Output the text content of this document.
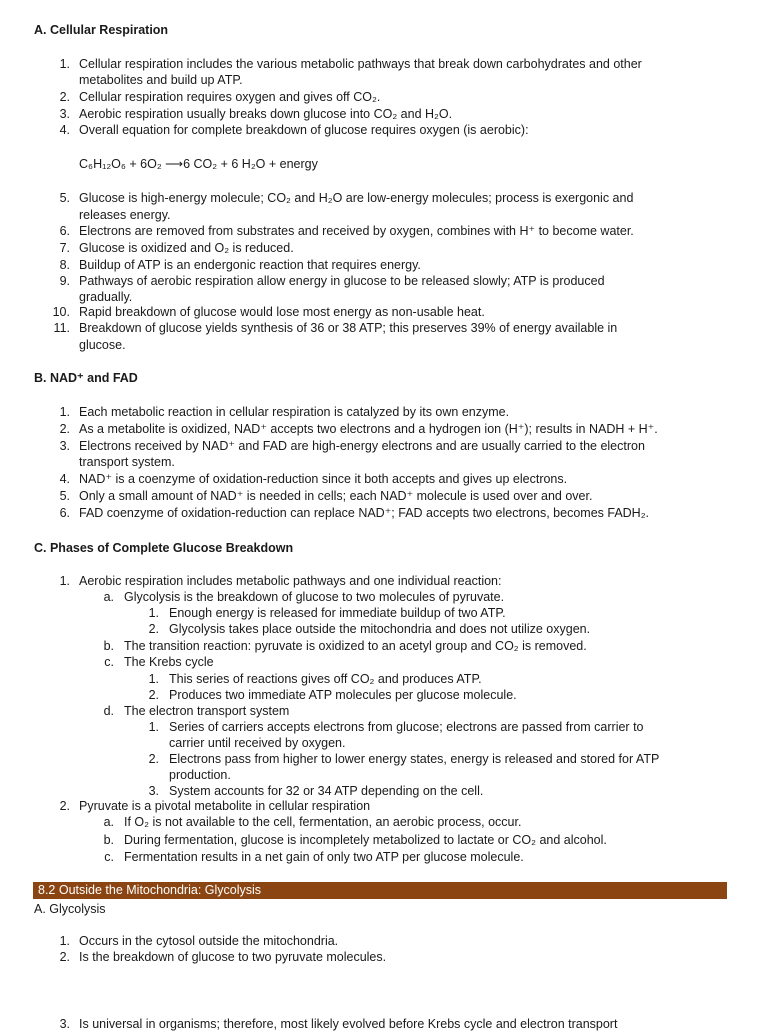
A. Cellular Respiration
1. Cellular respiration includes the various metabolic pathways that break down carbohydrates and other
metabolites and build up ATP.
2. Cellular respiration requires oxygen and gives off CO₂.
3. Aerobic respiration usually breaks down glucose into CO₂ and H₂O.
4. Overall equation for complete breakdown of glucose requires oxygen (is aerobic):
C₆H₁₂O₆ + 6O₂ ⟶6 CO₂ + 6 H₂O + energy
5. Glucose is high-energy molecule; CO₂ and H₂O are low-energy molecules; process is exergonic and
releases energy.
6. Electrons are removed from substrates and received by oxygen, combines with H⁺ to become water.
7. Glucose is oxidized and O₂ is reduced.
8. Buildup of ATP is an endergonic reaction that requires energy.
9. Pathways of aerobic respiration allow energy in glucose to be released slowly; ATP is produced
gradually.
10. Rapid breakdown of glucose would lose most energy as non-usable heat.
11. Breakdown of glucose yields synthesis of 36 or 38 ATP; this preserves 39% of energy available in
glucose.
B. NAD⁺ and FAD
1. Each metabolic reaction in cellular respiration is catalyzed by its own enzyme.
2. As a metabolite is oxidized, NAD⁺ accepts two electrons and a hydrogen ion (H⁺); results in NADH + H⁺.
3. Electrons received by NAD⁺ and FAD are high-energy electrons and are usually carried to the electron
transport system.
4. NAD⁺ is a coenzyme of oxidation-reduction since it both accepts and gives up electrons.
5. Only a small amount of NAD⁺ is needed in cells; each NAD⁺ molecule is used over and over.
6. FAD coenzyme of oxidation-reduction can replace NAD⁺; FAD accepts two electrons, becomes FADH₂.
C. Phases of Complete Glucose Breakdown
1. Aerobic respiration includes metabolic pathways and one individual reaction:
a. Glycolysis is the breakdown of glucose to two molecules of pyruvate.
1. Enough energy is released for immediate buildup of two ATP.
2. Glycolysis takes place outside the mitochondria and does not utilize oxygen.
b. The transition reaction: pyruvate is oxidized to an acetyl group and CO₂ is removed.
c. The Krebs cycle
1. This series of reactions gives off CO₂ and produces ATP.
2. Produces two immediate ATP molecules per glucose molecule.
d. The electron transport system
1. Series of carriers accepts electrons from glucose; electrons are passed from carrier to
carrier until received by oxygen.
2. Electrons pass from higher to lower energy states, energy is released and stored for ATP
production.
3. System accounts for 32 or 34 ATP depending on the cell.
2. Pyruvate is a pivotal metabolite in cellular respiration
a. If O₂ is not available to the cell, fermentation, an aerobic process, occur.
b. During fermentation, glucose is incompletely metabolized to lactate or CO₂ and alcohol.
c. Fermentation results in a net gain of only two ATP per glucose molecule.
8.2 Outside the Mitochondria: Glycolysis
A. Glycolysis
1. Occurs in the cytosol outside the mitochondria.
2. Is the breakdown of glucose to two pyruvate molecules.
3. Is universal in organisms; therefore, most likely evolved before Krebs cycle and electron transport
